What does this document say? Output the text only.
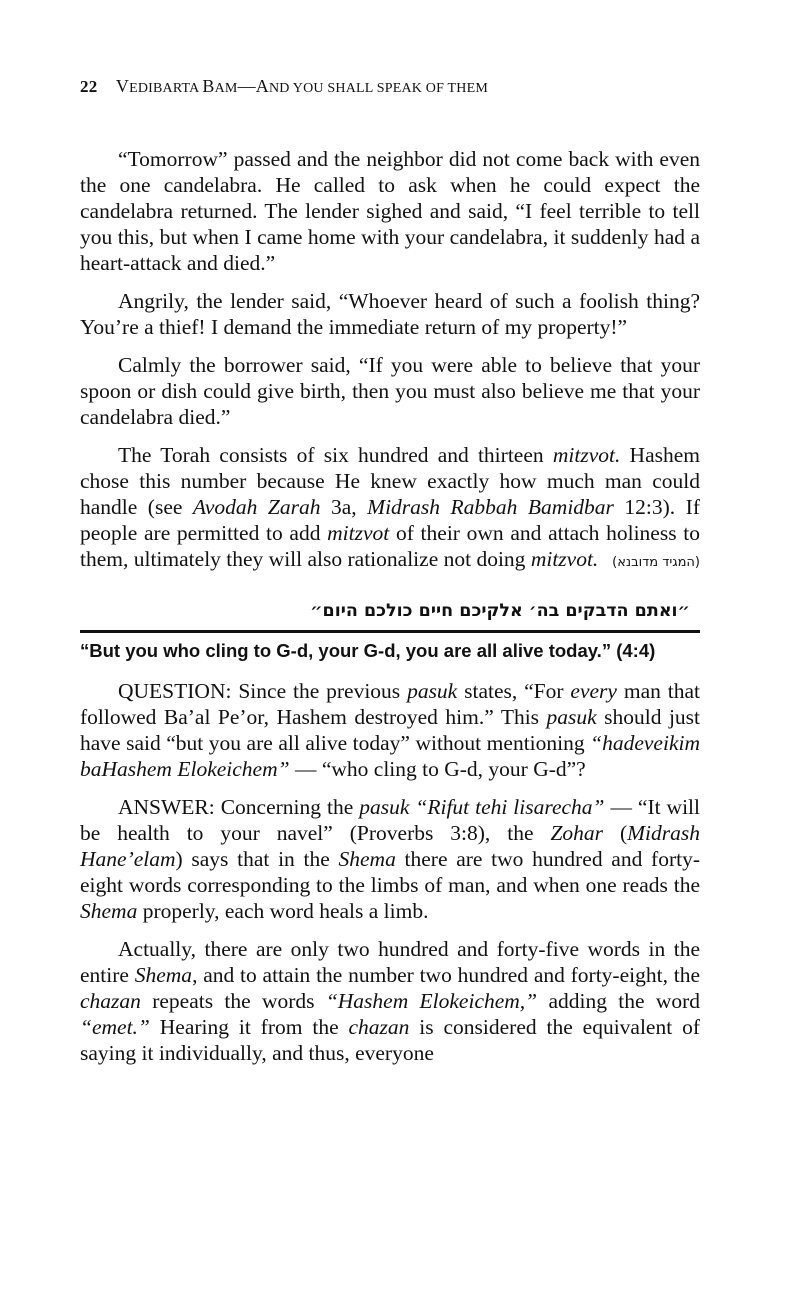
22 VEDIBARTA BAM—AND YOU SHALL SPEAK OF THEM

“Tomorrow” passed and the neighbor did not come back with even the one candelabra. He called to ask when he could expect the candelabra returned. The lender sighed and said, “I feel terrible to tell you this, but when I came home with your candelabra, it suddenly had a heart-attack and died.”

Angrily, the lender said, “Whoever heard of such a foolish thing? You’re a thief! I demand the immediate return of my property!”

Calmly the borrower said, “If you were able to believe that your spoon or dish could give birth, then you must also believe me that your candelabra died.”

The Torah consists of six hundred and thirteen mitzvot. Hashem chose this number because He knew exactly how much man could handle (see Avodah Zarah 3a, Midrash Rabbah Bamidbar 12:3). If people are permitted to add mitzvot of their own and attach holiness to them, ultimately they will also rationalize not doing mitzvot.	(המגיד מדובנא)
״ואתם הדבקים בה׳ אלקיכם חיים כולכם היום״
“But you who cling to G-d, your G-d, you are all alive today.” (4:4)

QUESTION: Since the previous pasuk states, “For every man that followed Ba’al Pe’or, Hashem destroyed him.” This pasuk should just have said “but you are all alive today” without mentioning “hadeveikim baHashem Elokeichem” — “who cling to G-d, your G-d”?

ANSWER: Concerning the pasuk “Rifut tehi lisarecha” — “It will be health to your navel” (Proverbs 3:8), the Zohar (Midrash Hane’elam) says that in the Shema there are two hundred and forty-eight words corresponding to the limbs of man, and when one reads the Shema properly, each word heals a limb.

Actually, there are only two hundred and forty-five words in the entire Shema, and to attain the number two hundred and forty-eight, the chazan repeats the words “Hashem Elokeichem,” adding the word “emet.” Hearing it from the chazan is considered the equivalent of saying it individually, and thus, everyone
